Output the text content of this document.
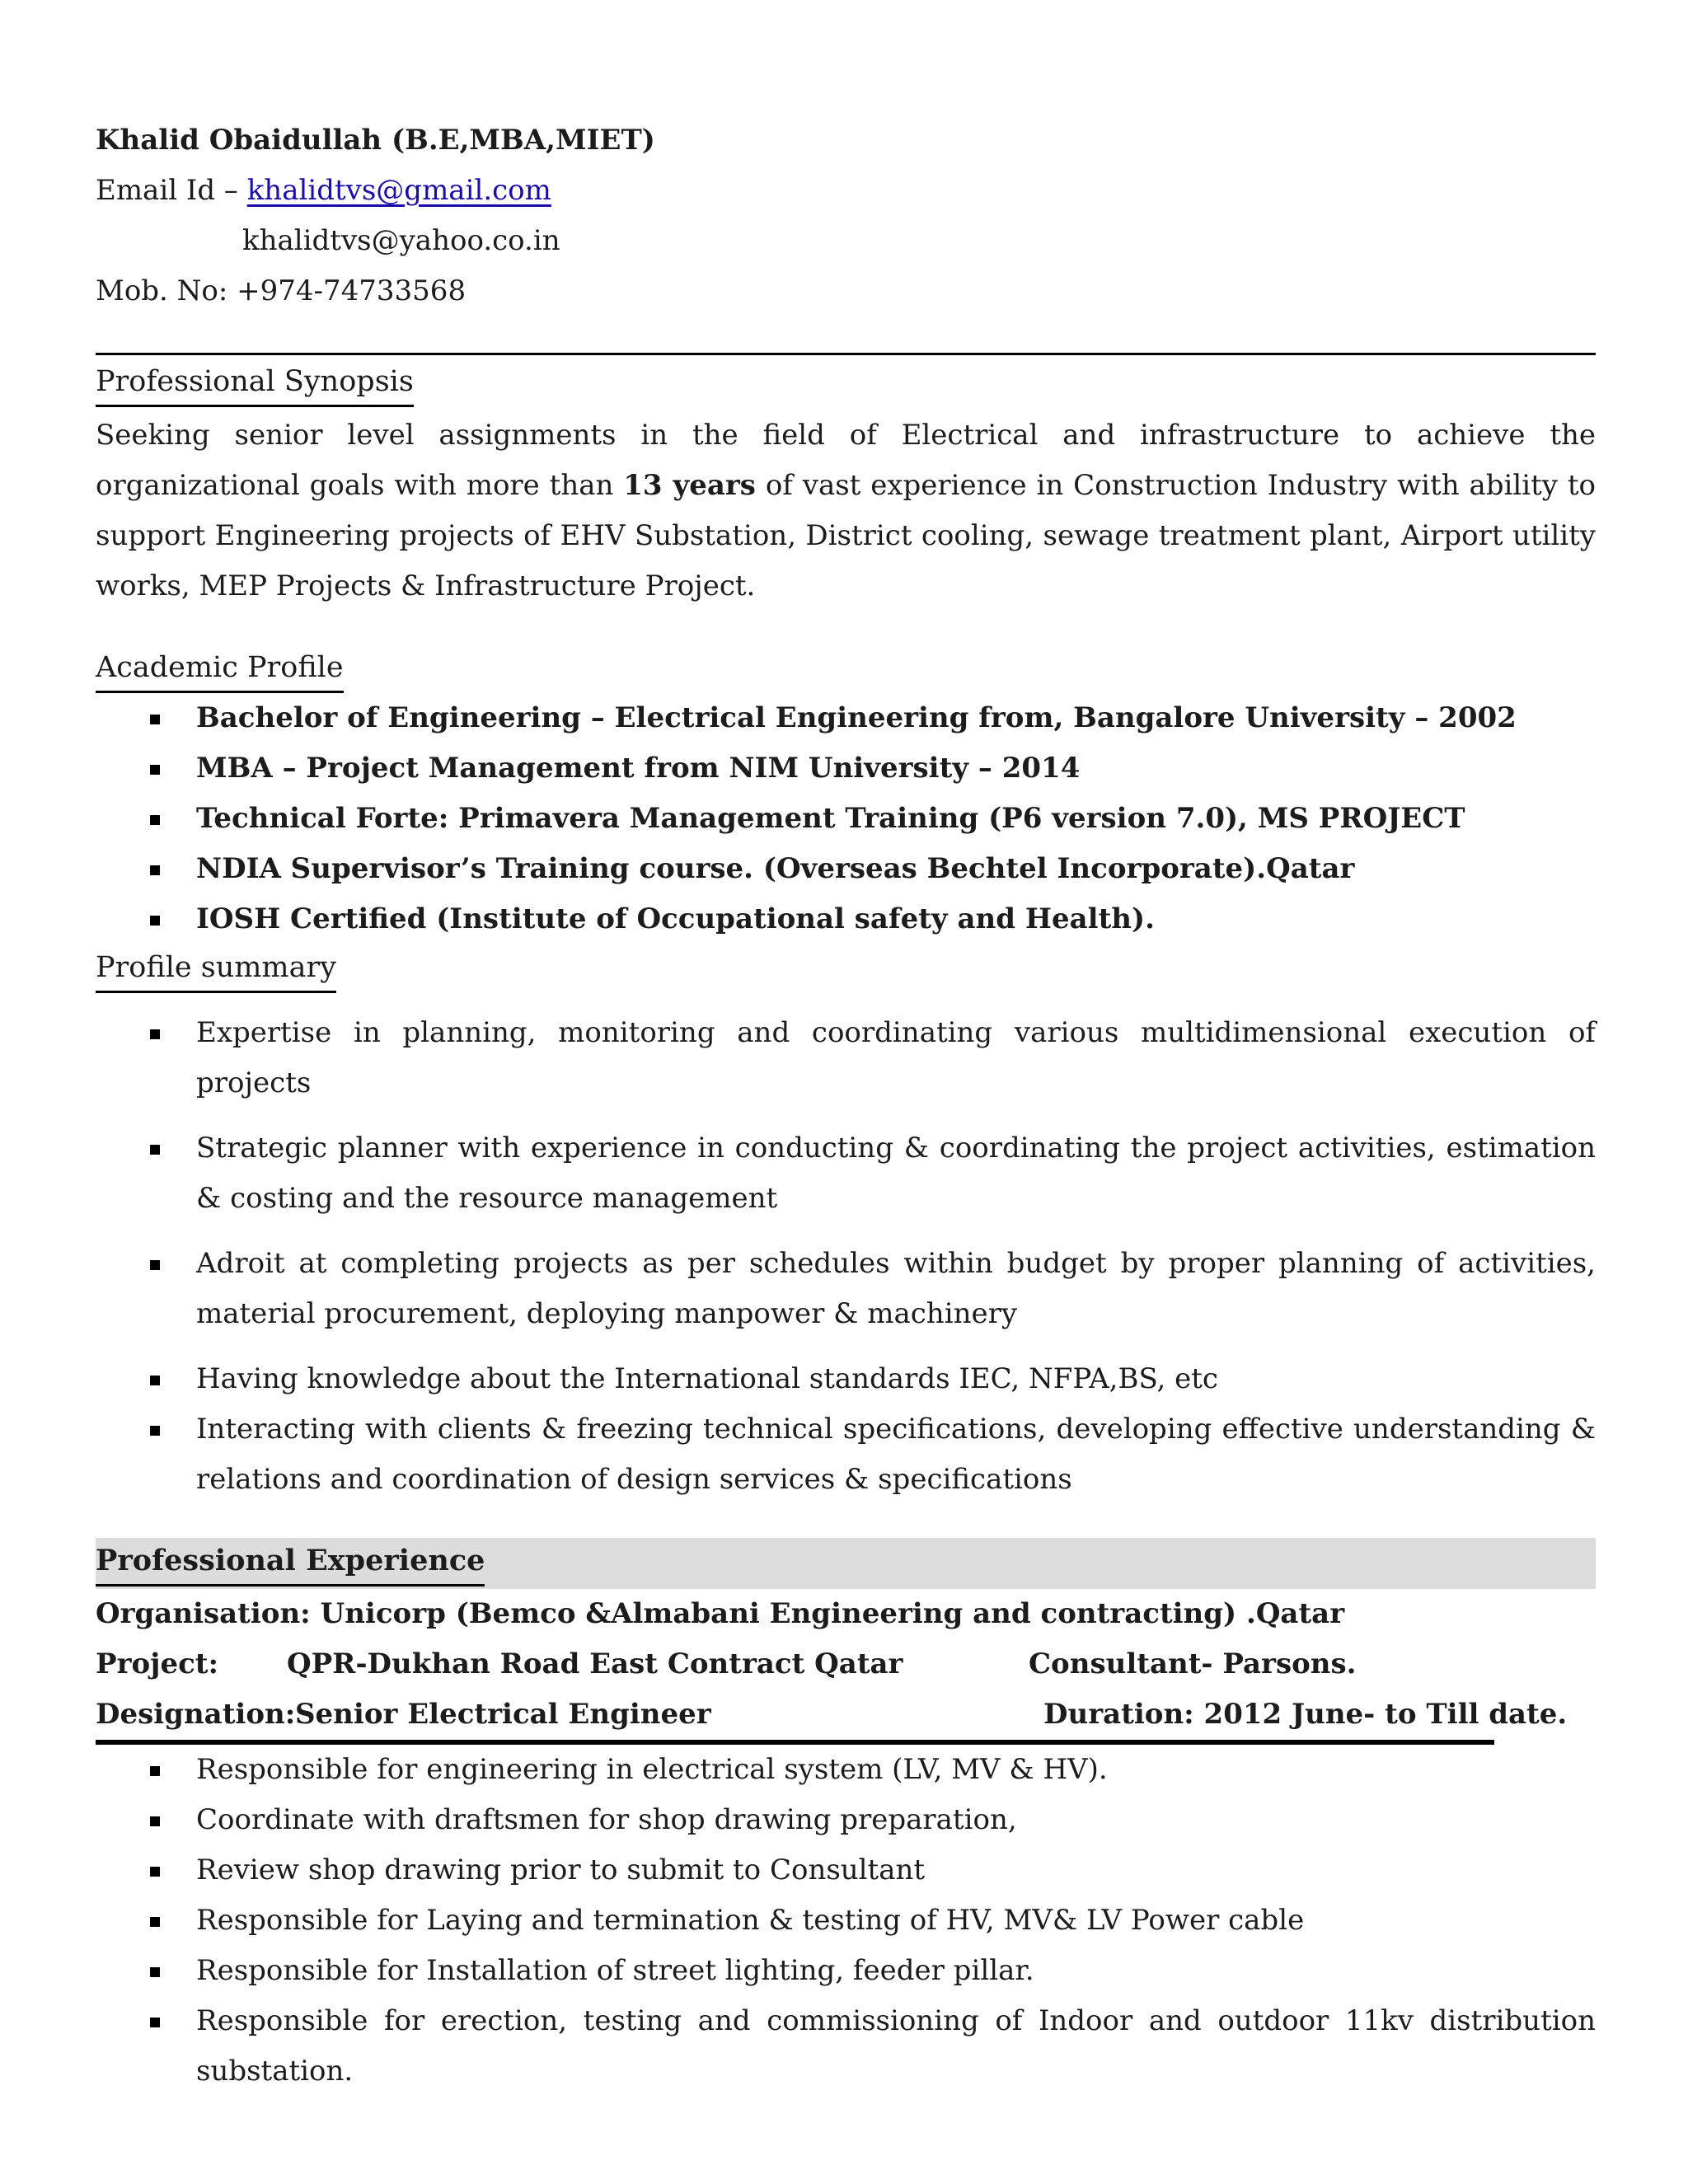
Khalid Obaidullah (B.E,MBA,MIET)
Email Id – khalidtvs@gmail.com
khalidtvs@yahoo.co.in
Mob. No: +974-74733568
Professional Synopsis

Seeking senior level assignments in the field of Electrical and infrastructure to achieve the organizational goals with more than 13 years of vast experience in Construction Industry with ability to support Engineering projects of EHV Substation, District cooling, sewage treatment plant, Airport utility works, MEP Projects & Infrastructure Project.

Academic Profile
Bachelor of Engineering – Electrical Engineering from, Bangalore University – 2002
MBA – Project Management from NIM University – 2014
Technical Forte: Primavera Management Training (P6 version 7.0), MS PROJECT
NDIA Supervisor’s Training course. (Overseas Bechtel Incorporate).Qatar
IOSH Certified (Institute of Occupational safety and Health).
Profile summary
Expertise in planning, monitoring and coordinating various multidimensional execution of projects
Strategic planner with experience in conducting & coordinating the project activities, estimation & costing and the resource management
Adroit at completing projects as per schedules within budget by proper planning of activities, material procurement, deploying manpower & machinery
Having knowledge about the International standards IEC, NFPA,BS, etc
Interacting with clients & freezing technical specifications, developing effective understanding & relations and coordination of design services & specifications
Professional Experience
Organisation: Unicorp (Bemco &Almabani Engineering and contracting) .Qatar
Project: QPR-Dukhan Road East Contract Qatar	Consultant- Parsons.
Designation: Senior Electrical Engineer	Duration: 2012 June- to Till date.
Responsible for engineering in electrical system (LV, MV & HV).
Coordinate with draftsmen for shop drawing preparation,
Review shop drawing prior to submit to Consultant
Responsible for Laying and termination & testing of HV, MV& LV Power cable
Responsible for Installation of street lighting, feeder pillar.
Responsible for erection, testing and commissioning of Indoor and outdoor 11kv distribution substation.
